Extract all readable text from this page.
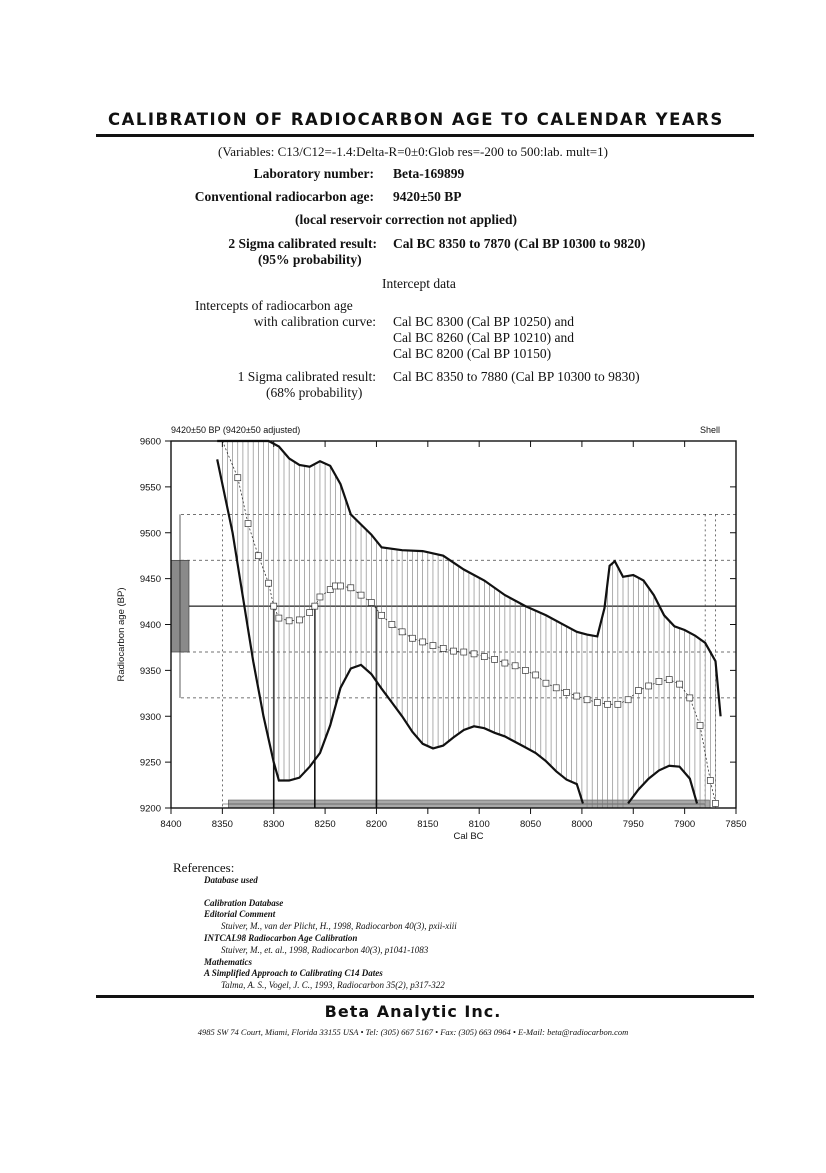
CALIBRATION OF RADIOCARBON AGE TO CALENDAR YEARS
(Variables: C13/C12=-1.4:Delta-R=0±0:Glob res=-200 to 500:lab. mult=1)
Laboratory number: Beta-169899
Conventional radiocarbon age: 9420±50 BP
(local reservoir correction not applied)
2 Sigma calibrated result: Cal BC 8350 to 7870 (Cal BP 10300 to 9820)
(95% probability)
Intercept data
Intercepts of radiocarbon age
with calibration curve: Cal BC 8300 (Cal BP 10250) and
Cal BC 8260 (Cal BP 10210) and
Cal BC 8200 (Cal BP 10150)
1 Sigma calibrated result: Cal BC 8350 to 7880 (Cal BP 10300 to 9830)
(68% probability)
9420±50 BP (9420±50 adjusted)	Shell
8400	8350	8300	8250	8200	8150	8100	8050	8000	7950	7900	7850
9200
9250
9300
9350
9400
9450
9500
9550
9600
Cal BC
Radiocarbon age (BP)
References:
Database used
Calibration Database
Editorial Comment
Stuiver, M., van der Plicht, H., 1998, Radiocarbon 40(3), pxii-xiii
INTCAL98 Radiocarbon Age Calibration
Stuiver, M., et. al., 1998, Radiocarbon 40(3), p1041-1083
Mathematics
A Simplified Approach to Calibrating C14 Dates
Talma, A. S., Vogel, J. C., 1993, Radiocarbon 35(2), p317-322
Beta Analytic Inc.
4985 SW 74 Court, Miami, Florida 33155 USA • Tel: (305) 667 5167 • Fax: (305) 663 0964 • E-Mail: beta@radiocarbon.com
